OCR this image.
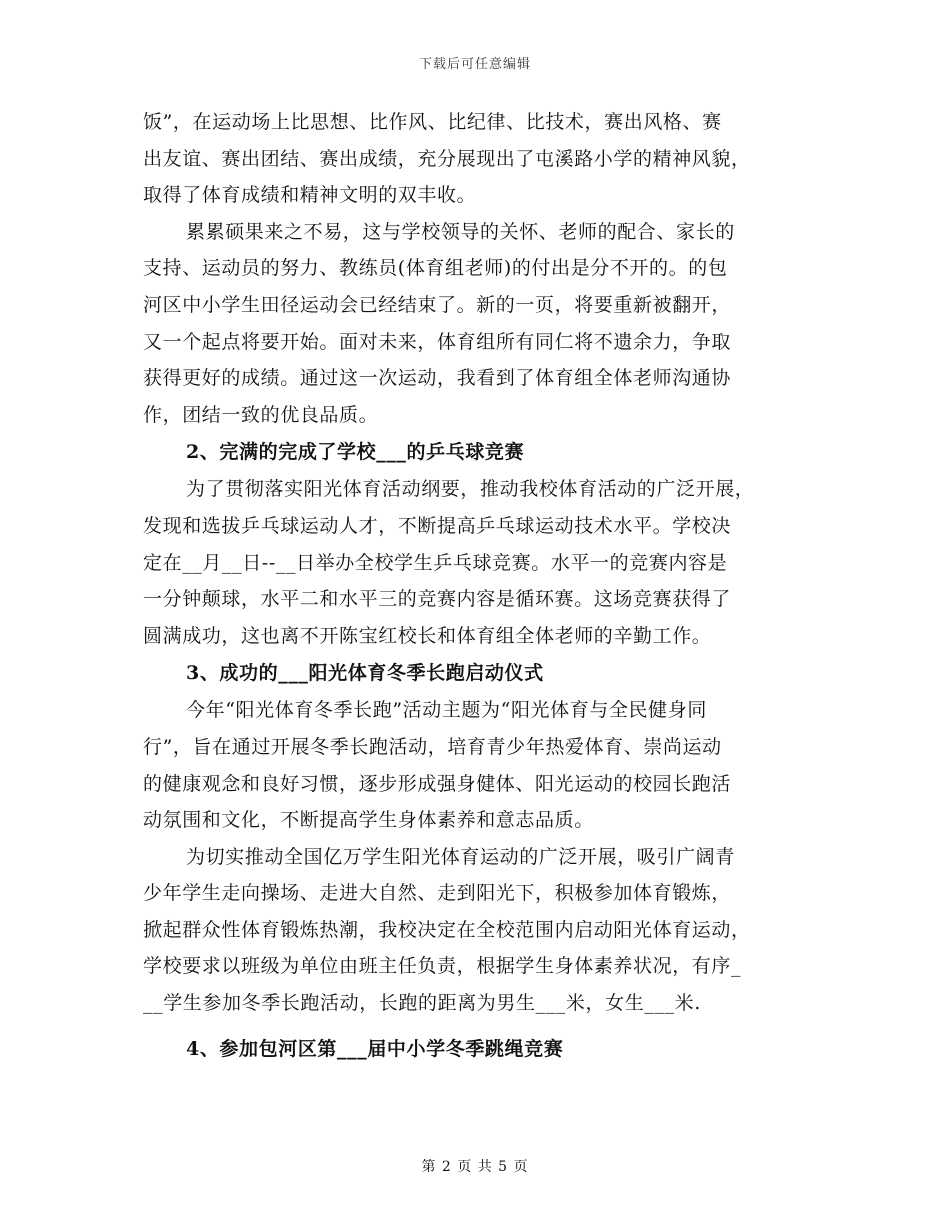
下载后可任意编辑
饭”，在运动场上比思想、比作风、比纪律、比技术，赛出风格、赛
出友谊、赛出团结、赛出成绩，充分展现出了屯溪路小学的精神风貌，
取得了体育成绩和精神文明的双丰收。
累累硕果来之不易，这与学校领导的关怀、老师的配合、家长的
支持、运动员的努力、教练员(体育组老师)的付出是分不开的。的包
河区中小学生田径运动会已经结束了。新的一页，将要重新被翻开，
又一个起点将要开始。面对未来，体育组所有同仁将不遗余力，争取
获得更好的成绩。通过这一次运动，我看到了体育组全体老师沟通协
作，团结一致的优良品质。
2、完满的完成了学校___的乒乓球竞赛
为了贯彻落实阳光体育活动纲要，推动我校体育活动的广泛开展，
发现和选拔乒乓球运动人才，不断提高乒乓球运动技术水平。学校决
定在__月__日--__日举办全校学生乒乓球竞赛。水平一的竞赛内容是
一分钟颠球，水平二和水平三的竞赛内容是循环赛。这场竞赛获得了
圆满成功，这也离不开陈宝红校长和体育组全体老师的辛勤工作。
3、成功的___阳光体育冬季长跑启动仪式
今年“阳光体育冬季长跑”活动主题为“阳光体育与全民健身同
行”，旨在通过开展冬季长跑活动，培育青少年热爱体育、崇尚运动
的健康观念和良好习惯，逐步形成强身健体、阳光运动的校园长跑活
动氛围和文化，不断提高学生身体素养和意志品质。
为切实推动全国亿万学生阳光体育运动的广泛开展，吸引广阔青
少年学生走向操场、走进大自然、走到阳光下，积极参加体育锻炼，
掀起群众性体育锻炼热潮，我校决定在全校范围内启动阳光体育运动，
学校要求以班级为单位由班主任负责，根据学生身体素养状况，有序_
__学生参加冬季长跑活动，长跑的距离为男生___米，女生___米.
4、参加包河区第___届中小学冬季跳绳竞赛
第 2 页 共 5 页
